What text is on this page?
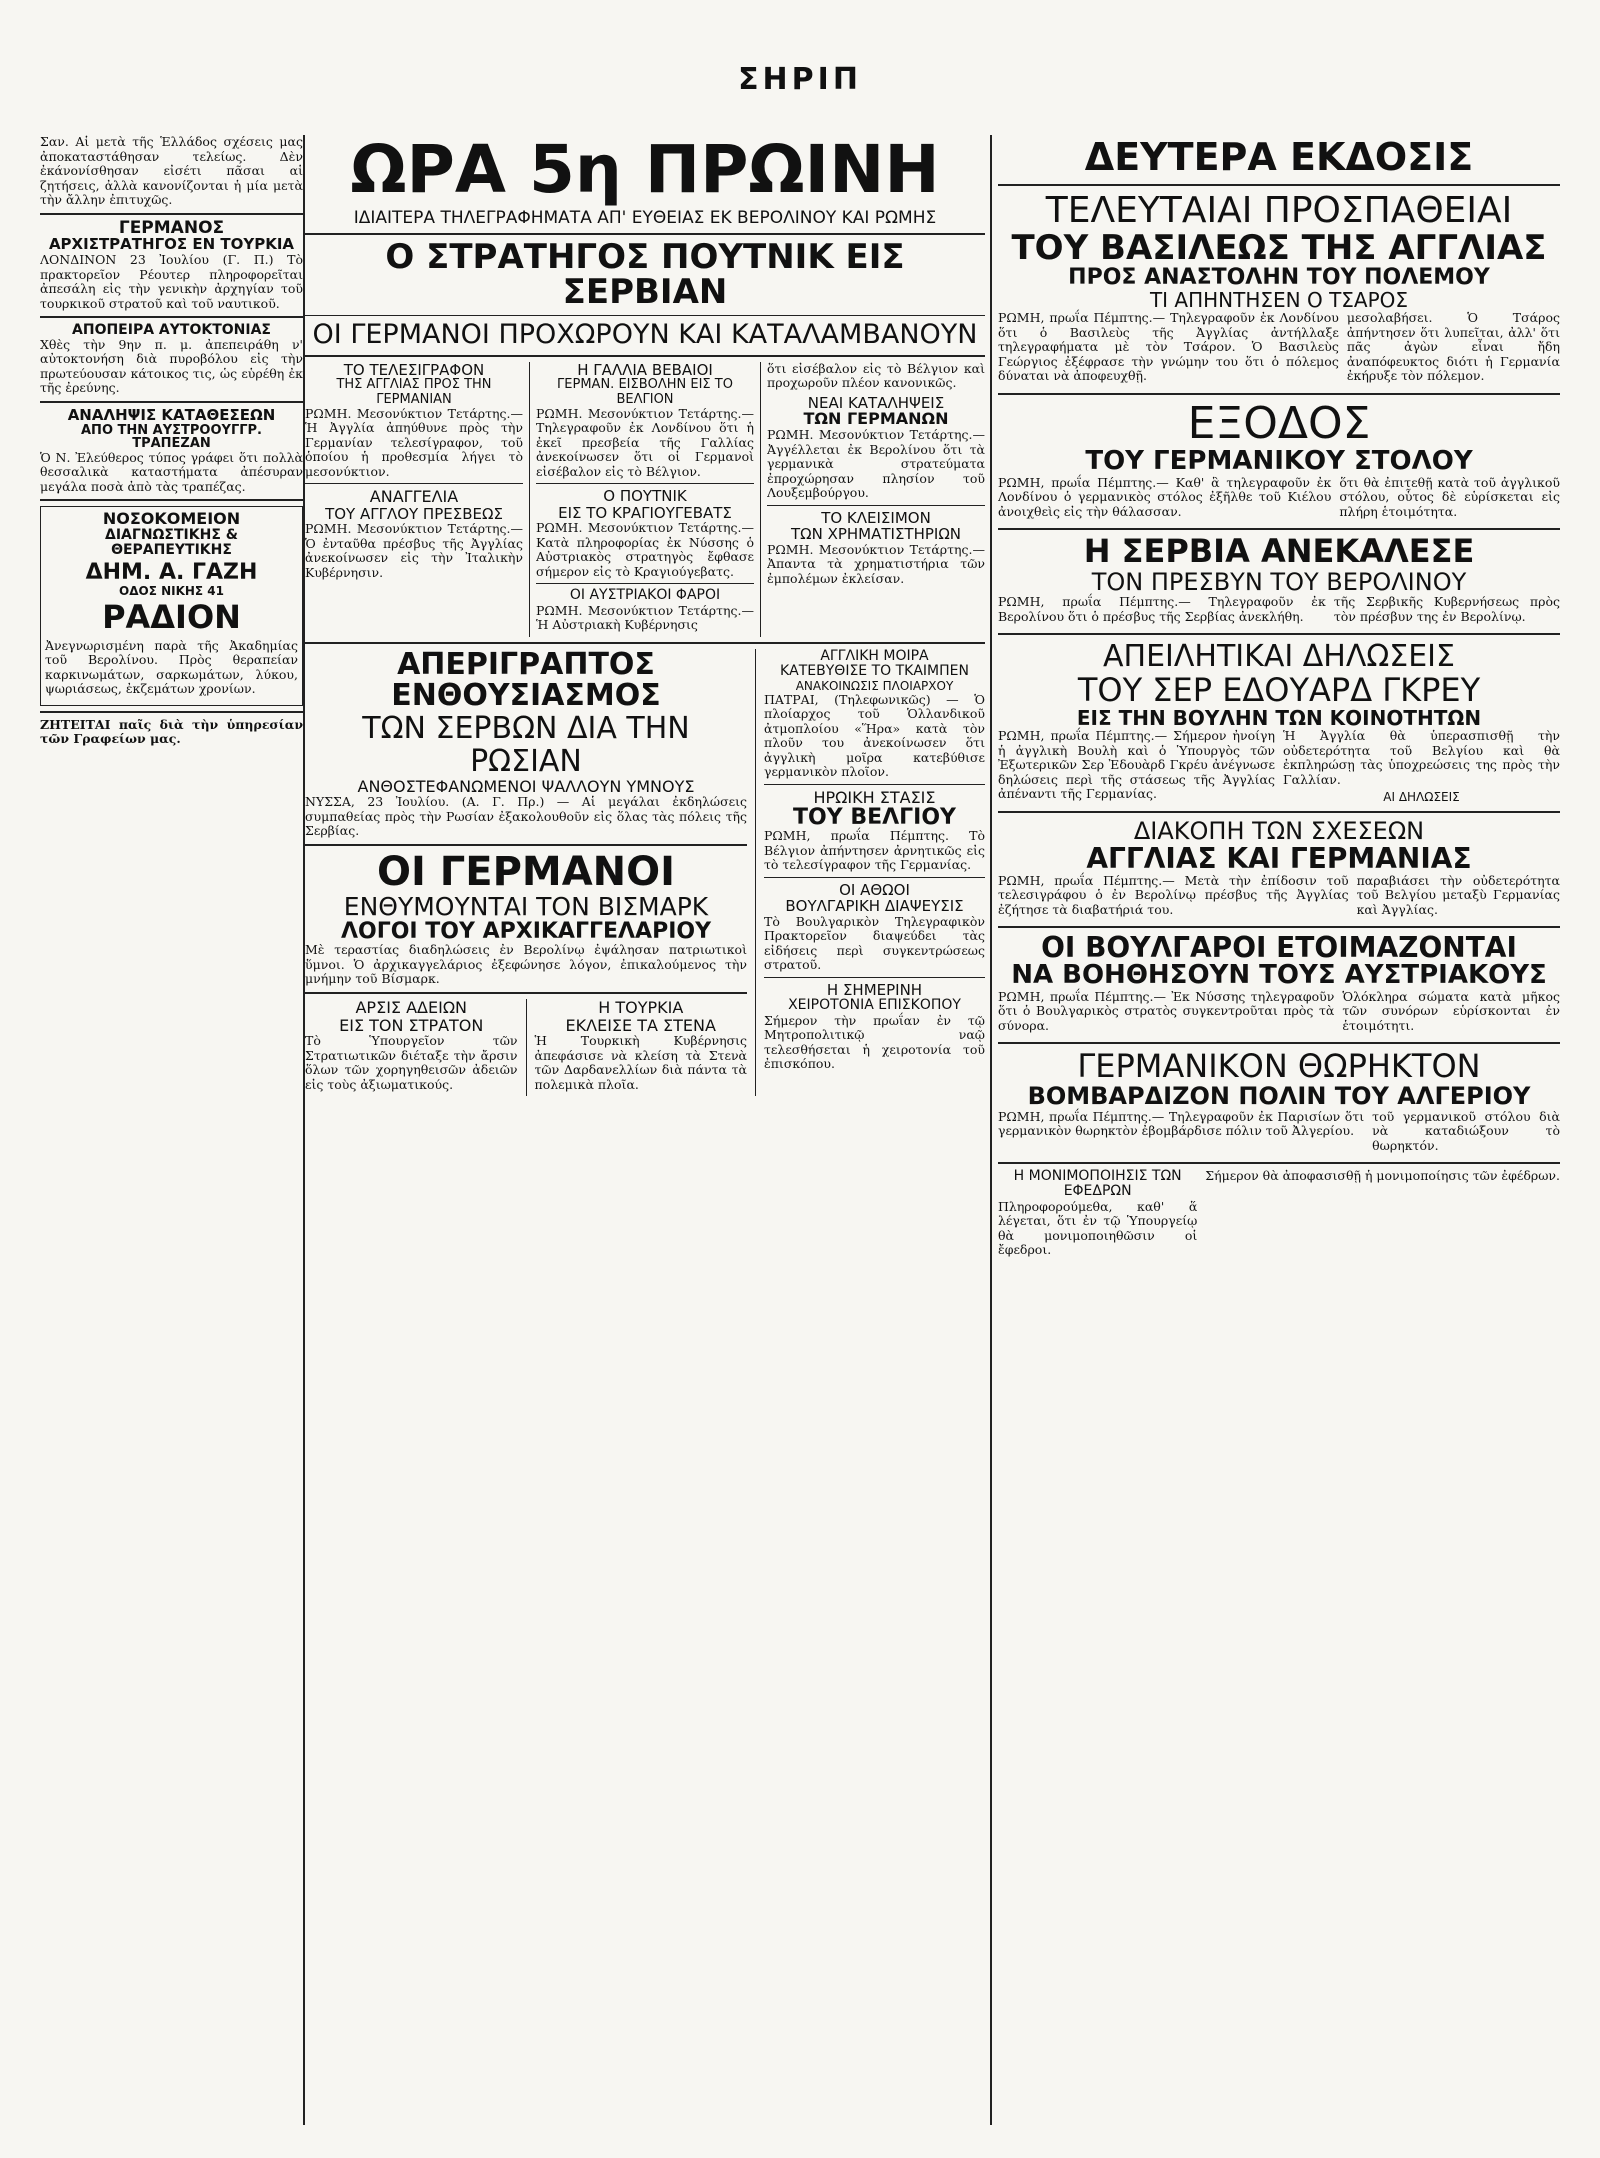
ΣΗΡΙΠ

Σαν. Αἱ μετὰ τῆς Ἑλλάδος σχέσεις μας ἀποκαταστάθησαν τελείως. Δὲν ἐκάνονίσθησαν εἰσέτι πᾶσαι αἱ ζητήσεις, ἀλλὰ κανονίζονται ἡ μία μετὰ τὴν ἄλλην ἐπιτυχῶς.

ΓΕΡΜΑΝΟΣ
ΑΡΧΙΣΤΡΑΤΗΓΟΣ ΕΝ ΤΟΥΡΚΙΑ

ΛΟΝΔΙΝΟΝ 23 Ἰουλίου (Γ. Π.) Τὸ πρακτορεῖον Ρέουτερ πληροφορεῖται ἀπεσάλη εἰς τὴν γενικὴν ἀρχηγίαν τοῦ τουρκικοῦ στρατοῦ καὶ τοῦ ναυτικοῦ.

ΑΠΟΠΕΙΡΑ ΑΥΤΟΚΤΟΝΙΑΣ

Χθὲς τὴν 9ην π. μ. ἀπεπειράθη ν' αὐτοκτονήση διὰ πυροβόλου εἰς τὴν πρωτεύουσαν κάτοικος τις, ὡς εὑρέθη ἐκ τῆς ἐρεύνης.

ΑΝΑΛΗΨΙΣ ΚΑΤΑΘΕΣΕΩΝ
ΑΠΟ ΤΗΝ ΑΥΣΤΡΟΟΥΓΓΡ. ΤΡΑΠΕΖΑΝ

Ὁ Ν. Ἐλεύθερος τύπος γράφει ὅτι πολλὰ θεσσαλικὰ καταστήματα ἀπέσυραν μεγάλα ποσὰ ἀπὸ τὰς τραπέζας.

ΝΟΣΟΚΟΜΕΙΟΝ
ΔΙΑΓΝΩΣΤΙΚΗΣ & ΘΕΡΑΠΕΥΤΙΚΗΣ
ΔΗΜ. Α. ΓΑΖΗ
ΟΔΟΣ ΝΙΚΗΣ 41
ΡΑΔΙΟΝ

Ἀνεγνωρισμένη παρὰ τῆς Ἀκαδημίας τοῦ Βερολίνου. Πρὸς θεραπείαν καρκινωμάτων, σαρκωμάτων, λύκου, ψωριάσεως, ἐκζεμάτων χρονίων.

ΖΗΤΕΙΤΑΙ παῖς διὰ τὴν ὑπηρεσίαν τῶν Γραφείων μας.

ΩΡΑ 5η ΠΡΩΙΝΗ
ΙΔΙΑΙΤΕΡΑ ΤΗΛΕΓΡΑΦΗΜΑΤΑ ΑΠ' ΕΥΘΕΙΑΣ ΕΚ ΒΕΡΟΛΙΝΟΥ ΚΑΙ ΡΩΜΗΣ
Ο ΣΤΡΑΤΗΓΟΣ ΠΟΥΤΝΙΚ ΕΙΣ ΣΕΡΒΙΑΝ
ΟΙ ΓΕΡΜΑΝΟΙ ΠΡΟΧΩΡΟΥΝ ΚΑΙ ΚΑΤΑΛΑΜΒΑΝΟΥΝ
ΤΟ ΤΕΛΕΣΙΓΡΑΦΟΝ
ΤΗΣ ΑΓΓΛΙΑΣ ΠΡΟΣ ΤΗΝ ΓΕΡΜΑΝΙΑΝ

ΡΩΜΗ. Μεσονύκτιον Τετάρτης.— Ἡ Ἀγγλία ἀπηύθυνε πρὸς τὴν Γερμανίαν τελεσίγραφον, τοῦ ὁποίου ἡ προθεσμία λήγει τὸ μεσονύκτιον.

ΑΝΑΓΓΕΛΙΑ
ΤΟΥ ΑΓΓΛΟΥ ΠΡΕΣΒΕΩΣ

ΡΩΜΗ. Μεσονύκτιον Τετάρτης.— Ὁ ἐνταῦθα πρέσβυς τῆς Ἀγγλίας ἀνεκοίνωσεν εἰς τὴν Ἰταλικὴν Κυβέρνησιν.

Η ΓΑΛΛΙΑ ΒΕΒΑΙΟΙ
ΓΕΡΜΑΝ. ΕΙΣΒΟΛΗΝ ΕΙΣ ΤΟ ΒΕΛΓΙΟΝ

ΡΩΜΗ. Μεσονύκτιον Τετάρτης.— Τηλεγραφοῦν ἐκ Λονδίνου ὅτι ἡ ἐκεῖ πρεσβεία τῆς Γαλλίας ἀνεκοίνωσεν ὅτι οἱ Γερμανοὶ εἰσέβαλον εἰς τὸ Βέλγιον.

Ο ΠΟΥΤΝΙΚ
ΕΙΣ ΤΟ ΚΡΑΓΙΟΥΓΕΒΑΤΣ

ΡΩΜΗ. Μεσονύκτιον Τετάρτης.— Κατὰ πληροφορίας ἐκ Νύσσης ὁ Αὐστριακὸς στρατηγὸς ἔφθασε σήμερον εἰς τὸ Κραγιούγεβατς.

ΟΙ ΑΥΣΤΡΙΑΚΟΙ ΦΑΡΟΙ

ΡΩΜΗ. Μεσονύκτιον Τετάρτης.— Ἡ Αὐστριακὴ Κυβέρνησις

ὅτι εἰσέβαλον εἰς τὸ Βέλγιον καὶ προχωροῦν πλέον κανονικῶς.

ΝΕΑΙ ΚΑΤΑΛΗΨΕΙΣ
ΤΩΝ ΓΕΡΜΑΝΩΝ

ΡΩΜΗ. Μεσονύκτιον Τετάρτης.— Ἀγγέλλεται ἐκ Βερολίνου ὅτι τὰ γερμανικὰ στρατεύματα ἐπροχώρησαν πλησίον τοῦ Λουξεμβούργου.

ΤΟ ΚΛΕΙΣΙΜΟΝ
ΤΩΝ ΧΡΗΜΑΤΙΣΤΗΡΙΩΝ

ΡΩΜΗ. Μεσονύκτιον Τετάρτης.— Ἀπαντα τὰ χρηματιστήρια τῶν ἐμπολέμων ἐκλείσαν.

ΑΠΕΡΙΓΡΑΠΤΟΣ ΕΝΘΟΥΣΙΑΣΜΟΣ
ΤΩΝ ΣΕΡΒΩΝ ΔΙΑ ΤΗΝ ΡΩΣΙΑΝ
ΑΝΘΟΣΤΕΦΑΝΩΜΕΝΟΙ ΨΑΛΛΟΥΝ ΥΜΝΟΥΣ

ΝΥΣΣΑ, 23 Ἰουλίου. (Α. Γ. Πρ.) — Αἱ μεγάλαι ἐκδηλώσεις συμπαθείας πρὸς τὴν Ρωσίαν ἐξακολουθοῦν εἰς ὅλας τὰς πόλεις τῆς Σερβίας.

ΟΙ ΓΕΡΜΑΝΟΙ
ΕΝΘΥΜΟΥΝΤΑΙ ΤΟΝ ΒΙΣΜΑΡΚ
ΛΟΓΟΙ ΤΟΥ ΑΡΧΙΚΑΓΓΕΛΑΡΙΟΥ

Μὲ τεραστίας διαδηλώσεις ἐν Βερολίνῳ ἐψάλησαν πατριωτικοὶ ὕμνοι. Ὁ ἀρχικαγγελάριος ἐξεφώνησε λόγον, ἐπικαλούμενος τὴν μνήμην τοῦ Βίσμαρκ.

ΑΡΣΙΣ ΑΔΕΙΩΝ
ΕΙΣ ΤΟΝ ΣΤΡΑΤΟΝ

Τὸ Ὑπουργεῖον τῶν Στρατιωτικῶν διέταξε τὴν ἄρσιν ὅλων τῶν χορηγηθεισῶν ἀδειῶν εἰς τοὺς ἀξιωματικούς.

Η ΤΟΥΡΚΙΑ
ΕΚΛΕΙΣΕ ΤΑ ΣΤΕΝΑ

Ἡ Τουρκικὴ Κυβέρνησις ἀπεφάσισε νὰ κλείση τὰ Στενὰ τῶν Δαρδανελλίων διὰ πάντα τὰ πολεμικὰ πλοῖα.

ΑΓΓΛΙΚΗ ΜΟΙΡΑ
ΚΑΤΕΒΥΘΙΣΕ ΤΟ ΤΚΑΙΜΠΕΝ
ΑΝΑΚΟΙΝΩΣΙΣ ΠΛΟΙΑΡΧΟΥ

ΠΑΤΡΑΙ, (Τηλεφωνικῶς) — Ὁ πλοίαρχος τοῦ Ὁλλανδικοῦ ἀτμοπλοίου «Ἥρα» κατὰ τὸν πλοῦν του ἀνεκοίνωσεν ὅτι ἀγγλικὴ μοῖρα κατεβύθισε γερμανικὸν πλοῖον.

ΗΡΩΙΚΗ ΣΤΑΣΙΣ
ΤΟΥ ΒΕΛΓΙΟΥ

ΡΩΜΗ, πρωΐα Πέμπτης. Τὸ Βέλγιον ἀπήντησεν ἀρνητικῶς εἰς τὸ τελεσίγραφον τῆς Γερμανίας.

ΟΙ ΑΘΩΟΙ
ΒΟΥΛΓΑΡΙΚΗ ΔΙΑΨΕΥΣΙΣ

Τὸ Βουλγαρικὸν Τηλεγραφικὸν Πρακτορεῖον διαψεύδει τὰς εἰδήσεις περὶ συγκεντρώσεως στρατοῦ.

Η ΣΗΜΕΡΙΝΗ
ΧΕΙΡΟΤΟΝΙΑ ΕΠΙΣΚΟΠΟΥ

Σήμερον τὴν πρωΐαν ἐν τῷ Μητροπολιτικῷ ναῷ τελεσθήσεται ἡ χειροτονία τοῦ ἐπισκόπου.

ΔΕΥΤΕΡΑ ΕΚΔΟΣΙΣ
ΤΕΛΕΥΤΑΙΑΙ ΠΡΟΣΠΑΘΕΙΑΙ
ΤΟΥ ΒΑΣΙΛΕΩΣ ΤΗΣ ΑΓΓΛΙΑΣ
ΠΡΟΣ ΑΝΑΣΤΟΛΗΝ ΤΟΥ ΠΟΛΕΜΟΥ
ΤΙ ΑΠΗΝΤΗΣΕΝ Ο ΤΣΑΡΟΣ

ΡΩΜΗ, πρωΐα Πέμπτης.— Τηλεγραφοῦν ἐκ Λονδίνου ὅτι ὁ Βασιλεὺς τῆς Ἀγγλίας ἀντήλλαξε τηλεγραφήματα μὲ τὸν Τσάρον. Ὁ Βασιλεὺς Γεώργιος ἐξέφρασε τὴν γνώμην του ὅτι ὁ πόλεμος δύναται νὰ ἀποφευχθῇ.

μεσολαβήσει. Ὁ Τσάρος ἀπήντησεν ὅτι λυπεῖται, ἀλλ' ὅτι πᾶς ἀγὼν εἶναι ἤδη ἀναπόφευκτος διότι ἡ Γερμανία ἐκήρυξε τὸν πόλεμον.

ΕΞΟΔΟΣ
ΤΟΥ ΓΕΡΜΑΝΙΚΟΥ ΣΤΟΛΟΥ

ΡΩΜΗ, πρωΐα Πέμπτης.— Καθ' ἃ τηλεγραφοῦν ἐκ Λονδίνου ὁ γερμανικὸς στόλος ἐξῆλθε τοῦ Κιέλου ἀνοιχθεὶς εἰς τὴν θάλασσαν.

ὅτι θὰ ἐπιτεθῇ κατὰ τοῦ ἀγγλικοῦ στόλου, οὗτος δὲ εὑρίσκεται εἰς πλήρη ἑτοιμότητα.

Η ΣΕΡΒΙΑ ΑΝΕΚΑΛΕΣΕ
ΤΟΝ ΠΡΕΣΒΥΝ ΤΟΥ ΒΕΡΟΛΙΝΟΥ

ΡΩΜΗ, πρωΐα Πέμπτης.— Τηλεγραφοῦν ἐκ Βερολίνου ὅτι ὁ πρέσβυς τῆς Σερβίας ἀνεκλήθη.

τῆς Σερβικῆς Κυβερνήσεως πρὸς τὸν πρέσβυν της ἐν Βερολίνῳ.

ΑΠΕΙΛΗΤΙΚΑΙ ΔΗΛΩΣΕΙΣ
ΤΟΥ ΣΕΡ ΕΔΟΥΑΡΔ ΓΚΡΕΥ
ΕΙΣ ΤΗΝ ΒΟΥΛΗΝ ΤΩΝ ΚΟΙΝΟΤΗΤΩΝ

ΡΩΜΗ, πρωΐα Πέμπτης.— Σήμερον ἠνοίγη ἡ ἀγγλικὴ Βουλὴ καὶ ὁ Ὑπουργὸς τῶν Ἐξωτερικῶν Σερ Ἐδουὰρδ Γκρέυ ἀνέγνωσε δηλώσεις περὶ τῆς στάσεως τῆς Ἀγγλίας ἀπέναντι τῆς Γερμανίας.

Ἡ Ἀγγλία θὰ ὑπερασπισθῇ τὴν οὐδετερότητα τοῦ Βελγίου καὶ θὰ ἐκπληρώσῃ τὰς ὑποχρεώσεις της πρὸς τὴν Γαλλίαν.

ΑΙ ΔΗΛΩΣΕΙΣ
ΔΙΑΚΟΠΗ ΤΩΝ ΣΧΕΣΕΩΝ
ΑΓΓΛΙΑΣ ΚΑΙ ΓΕΡΜΑΝΙΑΣ

ΡΩΜΗ, πρωΐα Πέμπτης.— Μετὰ τὴν ἐπίδοσιν τοῦ τελεσιγράφου ὁ ἐν Βερολίνῳ πρέσβυς τῆς Ἀγγλίας ἐζήτησε τὰ διαβατήριά του.

παραβιάσει τὴν οὐδετερότητα τοῦ Βελγίου μεταξὺ Γερμανίας καὶ Ἀγγλίας.

ΟΙ ΒΟΥΛΓΑΡΟΙ ΕΤΟΙΜΑΖΟΝΤΑΙ
ΝΑ ΒΟΗΘΗΣΟΥΝ ΤΟΥΣ ΑΥΣΤΡΙΑΚΟΥΣ

ΡΩΜΗ, πρωΐα Πέμπτης.— Ἐκ Νύσσης τηλεγραφοῦν ὅτι ὁ Βουλγαρικὸς στρατὸς συγκεντροῦται πρὸς τὰ σύνορα.

Ὁλόκληρα σώματα κατὰ μῆκος τῶν συνόρων εὑρίσκονται ἐν ἑτοιμότητι.

ΓΕΡΜΑΝΙΚΟΝ ΘΩΡΗΚΤΟΝ
ΒΟΜΒΑΡΔΙΖΟΝ ΠΟΛΙΝ ΤΟΥ ΑΛΓΕΡΙΟΥ

ΡΩΜΗ, πρωΐα Πέμπτης.— Τηλεγραφοῦν ἐκ Παρισίων ὅτι γερμανικὸν θωρηκτὸν ἐβομβάρδισε πόλιν τοῦ Ἀλγερίου.

τοῦ γερμανικοῦ στόλου διὰ νὰ καταδιώξουν τὸ θωρηκτόν.

Η ΜΟΝΙΜΟΠΟΙΗΣΙΣ ΤΩΝ ΕΦΕΔΡΩΝ

Πληροφορούμεθα, καθ' ἅ λέγεται, ὅτι ἐν τῷ Ὑπουργείῳ θὰ μονιμοποιηθῶσιν οἱ ἔφεδροι.

Σήμερον θὰ ἀποφασισθῇ ἡ μονιμοποίησις τῶν ἐφέδρων.
